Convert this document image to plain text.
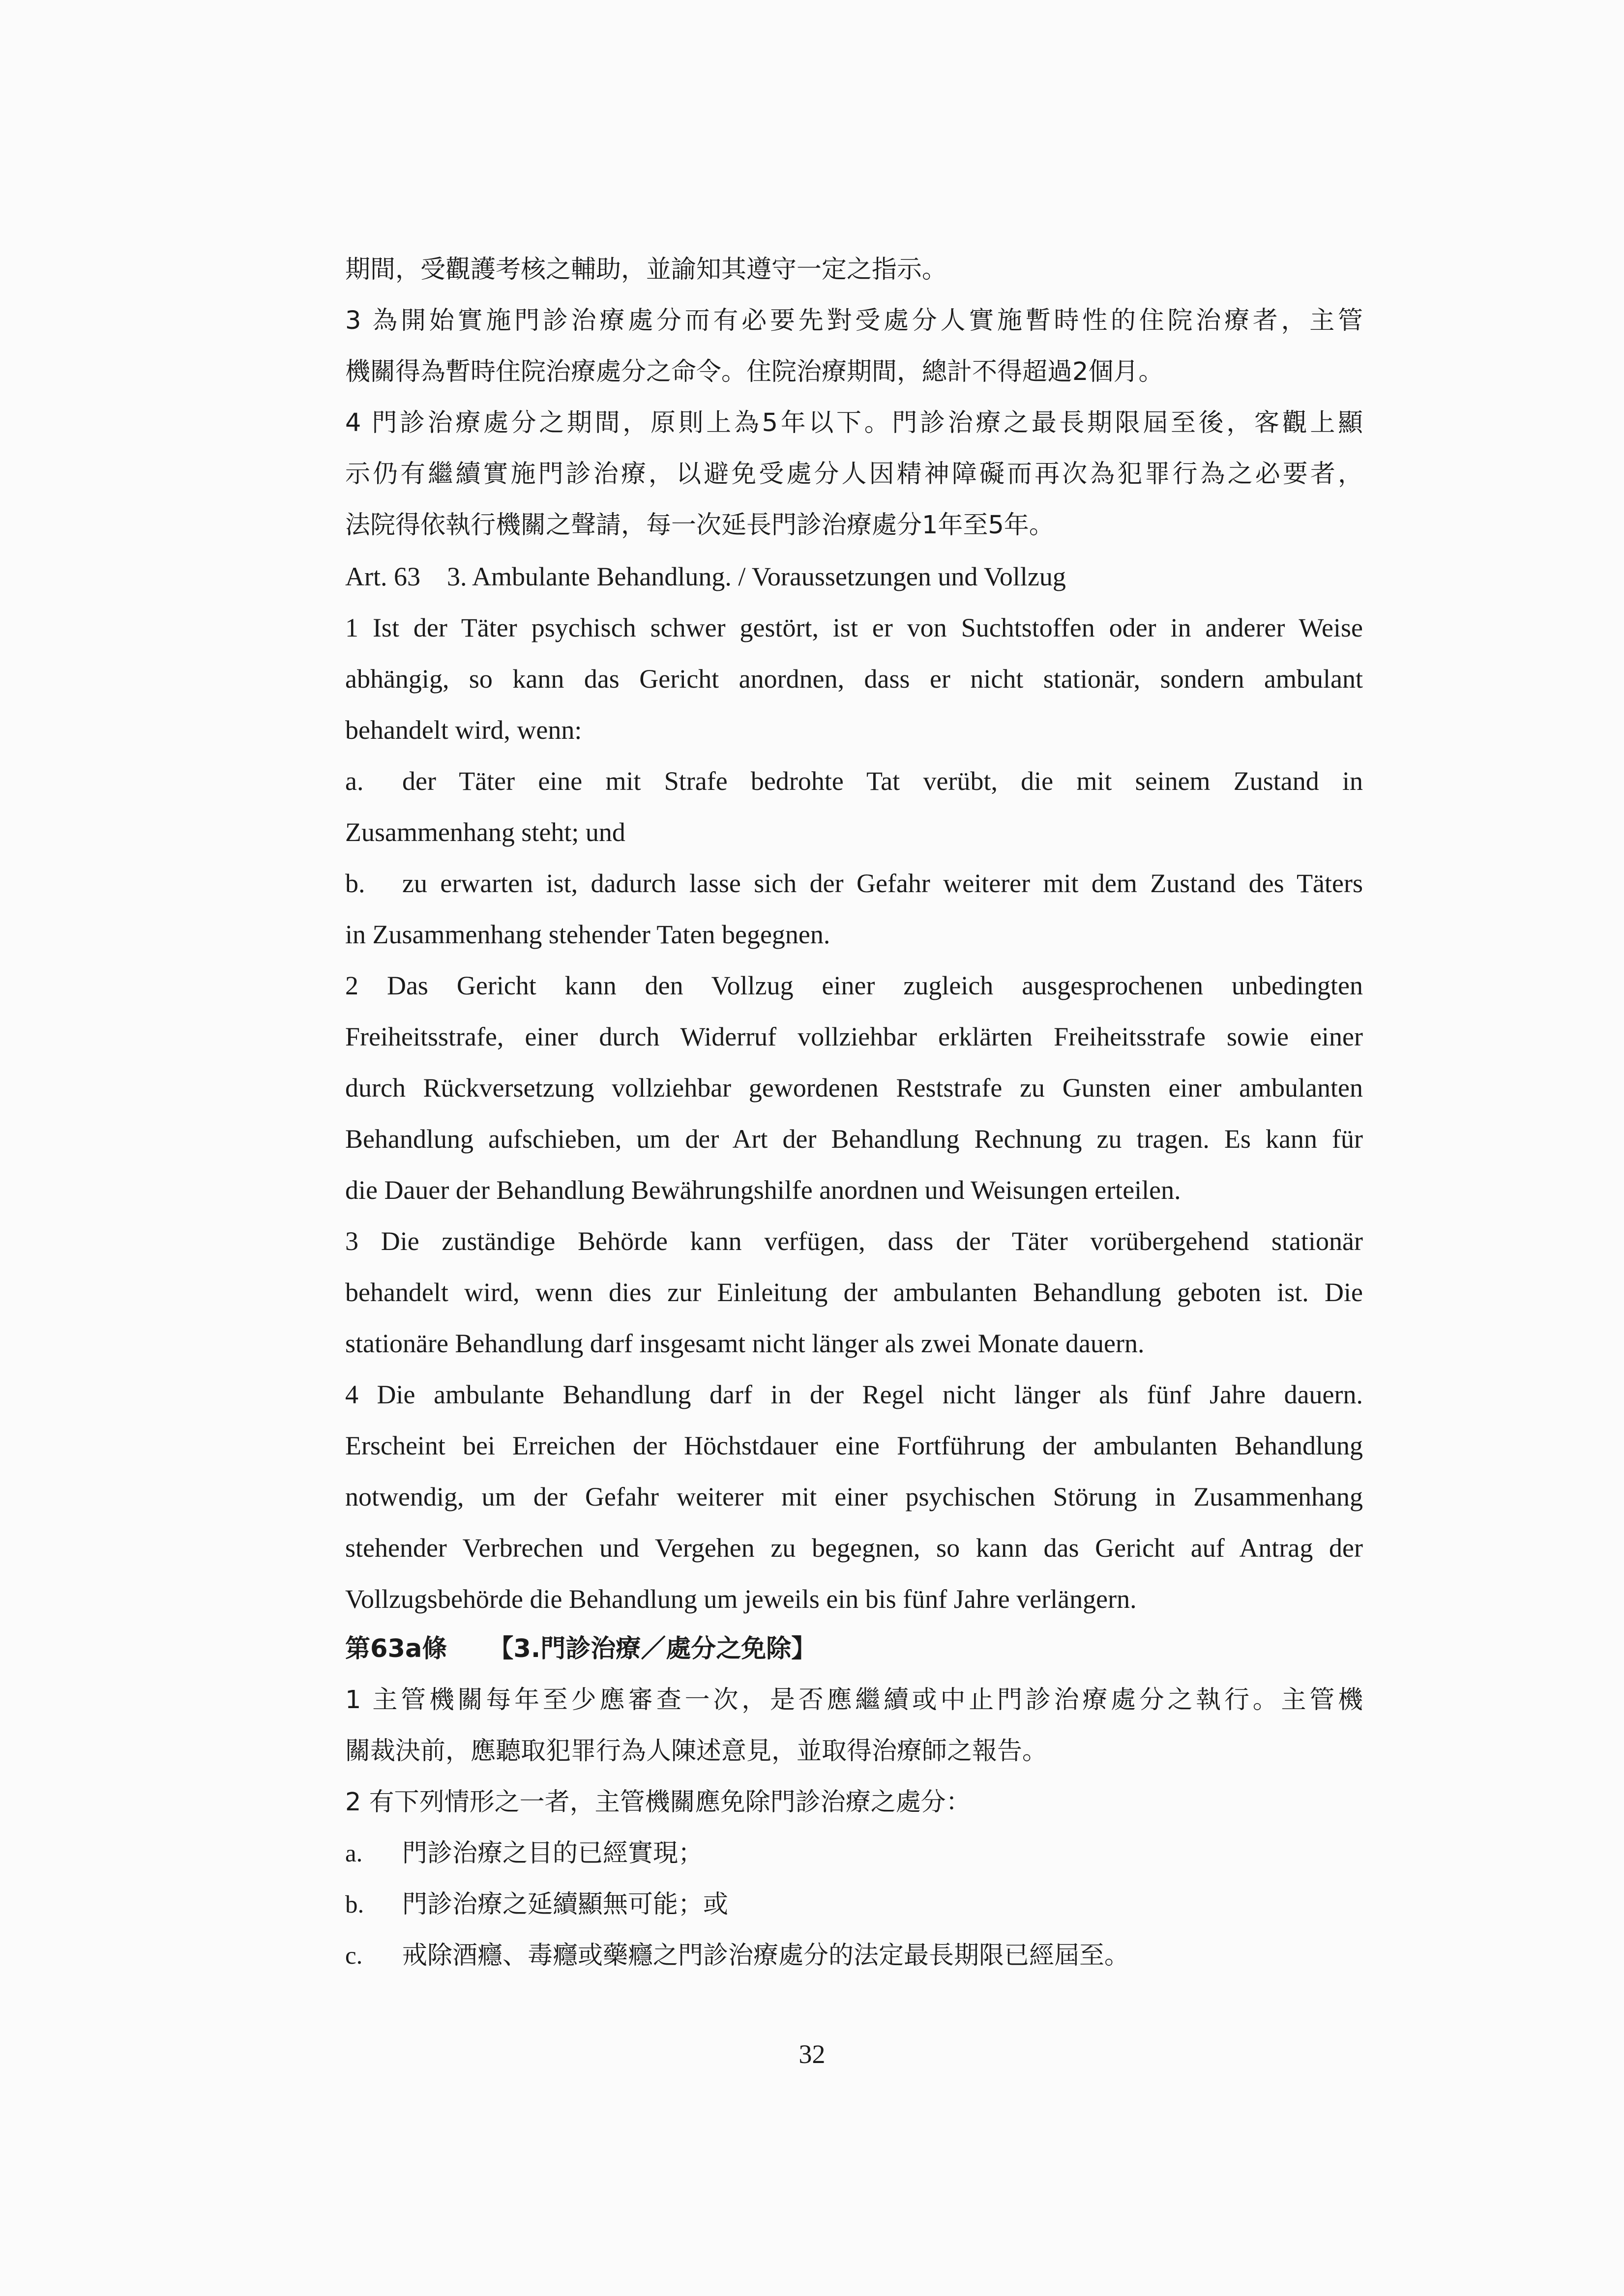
期間，受觀護考核之輔助，並諭知其遵守一定之指示。
3 為開始實施門診治療處分而有必要先對受處分人實施暫時性的住院治療者，主管
機關得為暫時住院治療處分之命令。住院治療期間，總計不得超過2個月。
4 門診治療處分之期間，原則上為5年以下。門診治療之最長期限屆至後，客觀上顯
示仍有繼續實施門診治療，以避免受處分人因精神障礙而再次為犯罪行為之必要者，
法院得依執行機關之聲請，每一次延長門診治療處分1年至5年。
Art. 63    3. Ambulante Behandlung. / Voraussetzungen und Vollzug
1 Ist der Täter psychisch schwer gestört, ist er von Suchtstoffen oder in anderer Weise
abhängig, so kann das Gericht anordnen, dass er nicht stationär, sondern ambulant
behandelt wird, wenn:
a.	der Täter eine mit Strafe bedrohte Tat verübt, die mit seinem Zustand in
Zusammenhang steht; und
b.	zu erwarten ist, dadurch lasse sich der Gefahr weiterer mit dem Zustand des Täters
in Zusammenhang stehender Taten begegnen.
2 Das Gericht kann den Vollzug einer zugleich ausgesprochenen unbedingten
Freiheitsstrafe, einer durch Widerruf vollziehbar erklärten Freiheitsstrafe sowie einer
durch Rückversetzung vollziehbar gewordenen Reststrafe zu Gunsten einer ambulanten
Behandlung aufschieben, um der Art der Behandlung Rechnung zu tragen. Es kann für
die Dauer der Behandlung Bewährungshilfe anordnen und Weisungen erteilen.
3 Die zuständige Behörde kann verfügen, dass der Täter vorübergehend stationär
behandelt wird, wenn dies zur Einleitung der ambulanten Behandlung geboten ist. Die
stationäre Behandlung darf insgesamt nicht länger als zwei Monate dauern.
4 Die ambulante Behandlung darf in der Regel nicht länger als fünf Jahre dauern.
Erscheint bei Erreichen der Höchstdauer eine Fortführung der ambulanten Behandlung
notwendig, um der Gefahr weiterer mit einer psychischen Störung in Zusammenhang
stehender Verbrechen und Vergehen zu begegnen, so kann das Gericht auf Antrag der
Vollzugsbehörde die Behandlung um jeweils ein bis fünf Jahre verlängern.
第63a條 【3.門診治療／處分之免除】
1 主管機關每年至少應審查一次，是否應繼續或中止門診治療處分之執行。主管機
關裁決前，應聽取犯罪行為人陳述意見，並取得治療師之報告。
2 有下列情形之一者，主管機關應免除門診治療之處分：
a.	門診治療之目的已經實現；
b.	門診治療之延續顯無可能；或
c.	戒除酒癮、毒癮或藥癮之門診治療處分的法定最長期限已經屆至。
32
